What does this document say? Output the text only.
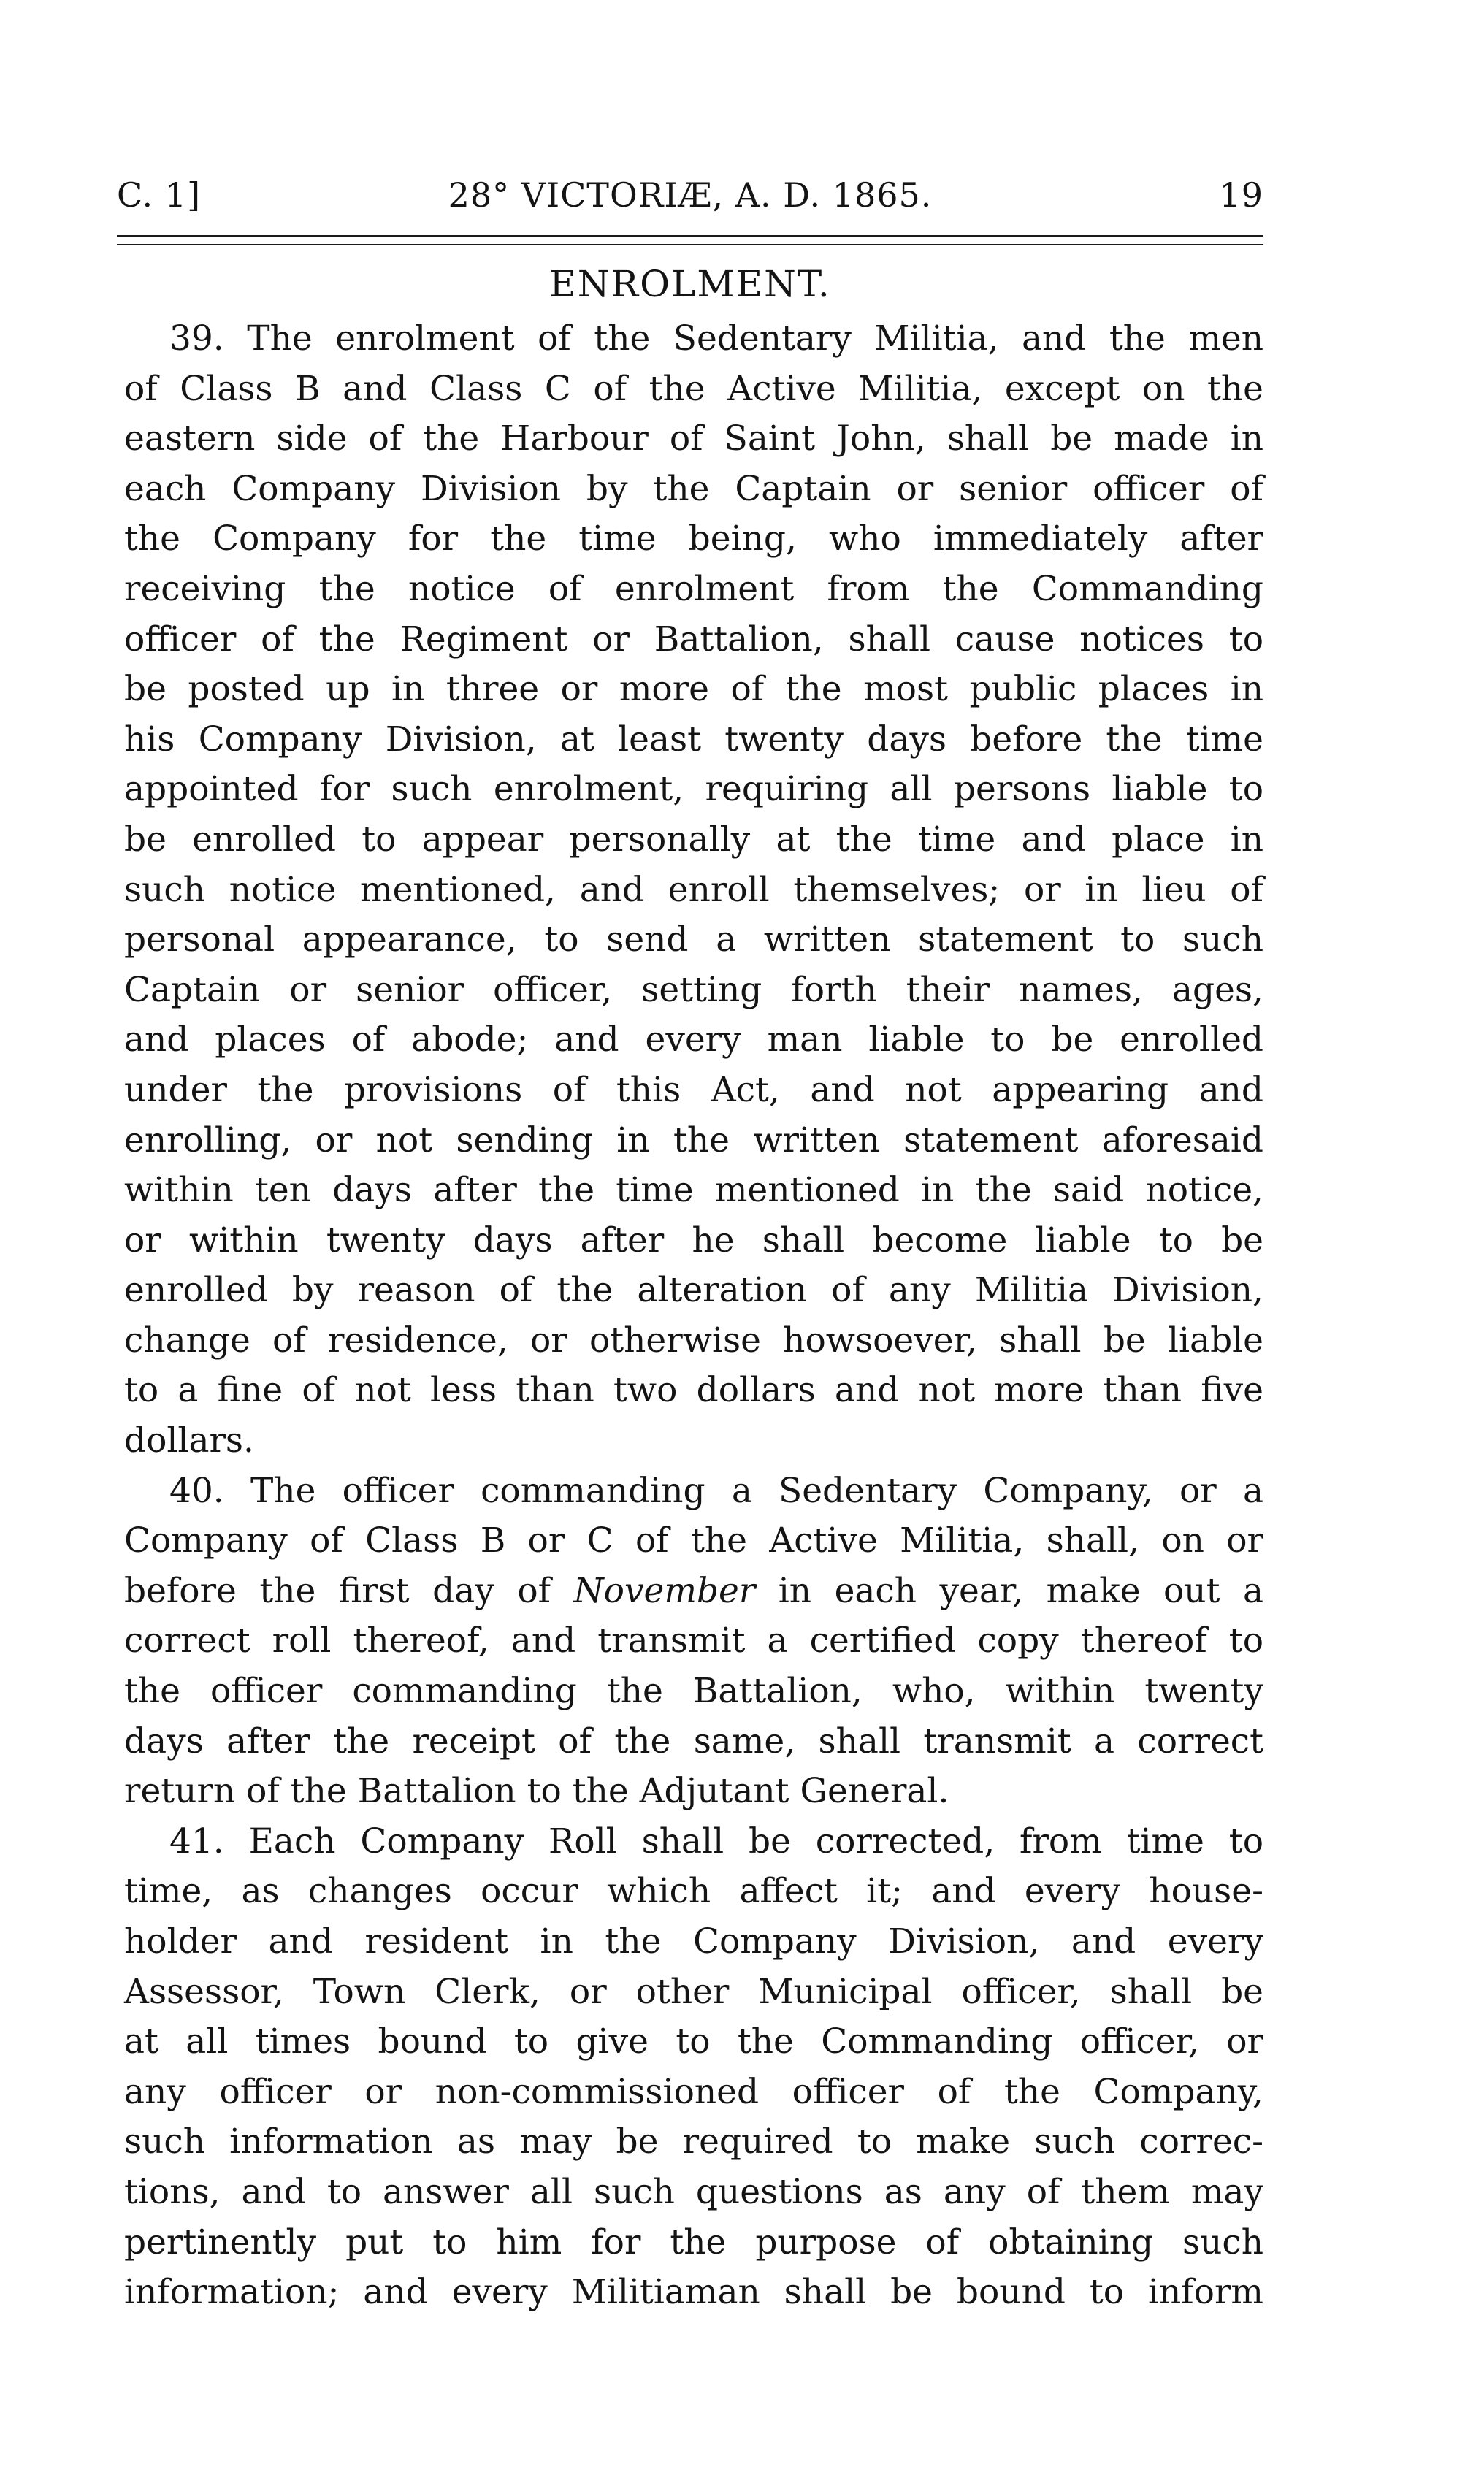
C. 1]	28° VICTORIÆ, A. D. 1865.	19
ENROLMENT.
39. The enrolment of the Sedentary Militia, and the men
of Class B and Class C of the Active Militia, except on the
eastern side of the Harbour of Saint John, shall be made in
each Company Division by the Captain or senior officer of
the Company for the time being, who immediately after
receiving the notice of enrolment from the Commanding
officer of the Regiment or Battalion, shall cause notices to
be posted up in three or more of the most public places in
his Company Division, at least twenty days before the time
appointed for such enrolment, requiring all persons liable to
be enrolled to appear personally at the time and place in
such notice mentioned, and enroll themselves; or in lieu of
personal appearance, to send a written statement to such
Captain or senior officer, setting forth their names, ages,
and places of abode; and every man liable to be enrolled
under the provisions of this Act, and not appearing and
enrolling, or not sending in the written statement aforesaid
within ten days after the time mentioned in the said notice,
or within twenty days after he shall become liable to be
enrolled by reason of the alteration of any Militia Division,
change of residence, or otherwise howsoever, shall be liable
to a fine of not less than two dollars and not more than five
dollars.
40. The officer commanding a Sedentary Company, or a
Company of Class B or C of the Active Militia, shall, on or
before the first day of November in each year, make out a
correct roll thereof, and transmit a certified copy thereof to
the officer commanding the Battalion, who, within twenty
days after the receipt of the same, shall transmit a correct
return of the Battalion to the Adjutant General.
41. Each Company Roll shall be corrected, from time to
time, as changes occur which affect it; and every house-
holder and resident in the Company Division, and every
Assessor, Town Clerk, or other Municipal officer, shall be
at all times bound to give to the Commanding officer, or
any officer or non-commissioned officer of the Company,
such information as may be required to make such correc-
tions, and to answer all such questions as any of them may
pertinently put to him for the purpose of obtaining such
information; and every Militiaman shall be bound to inform
